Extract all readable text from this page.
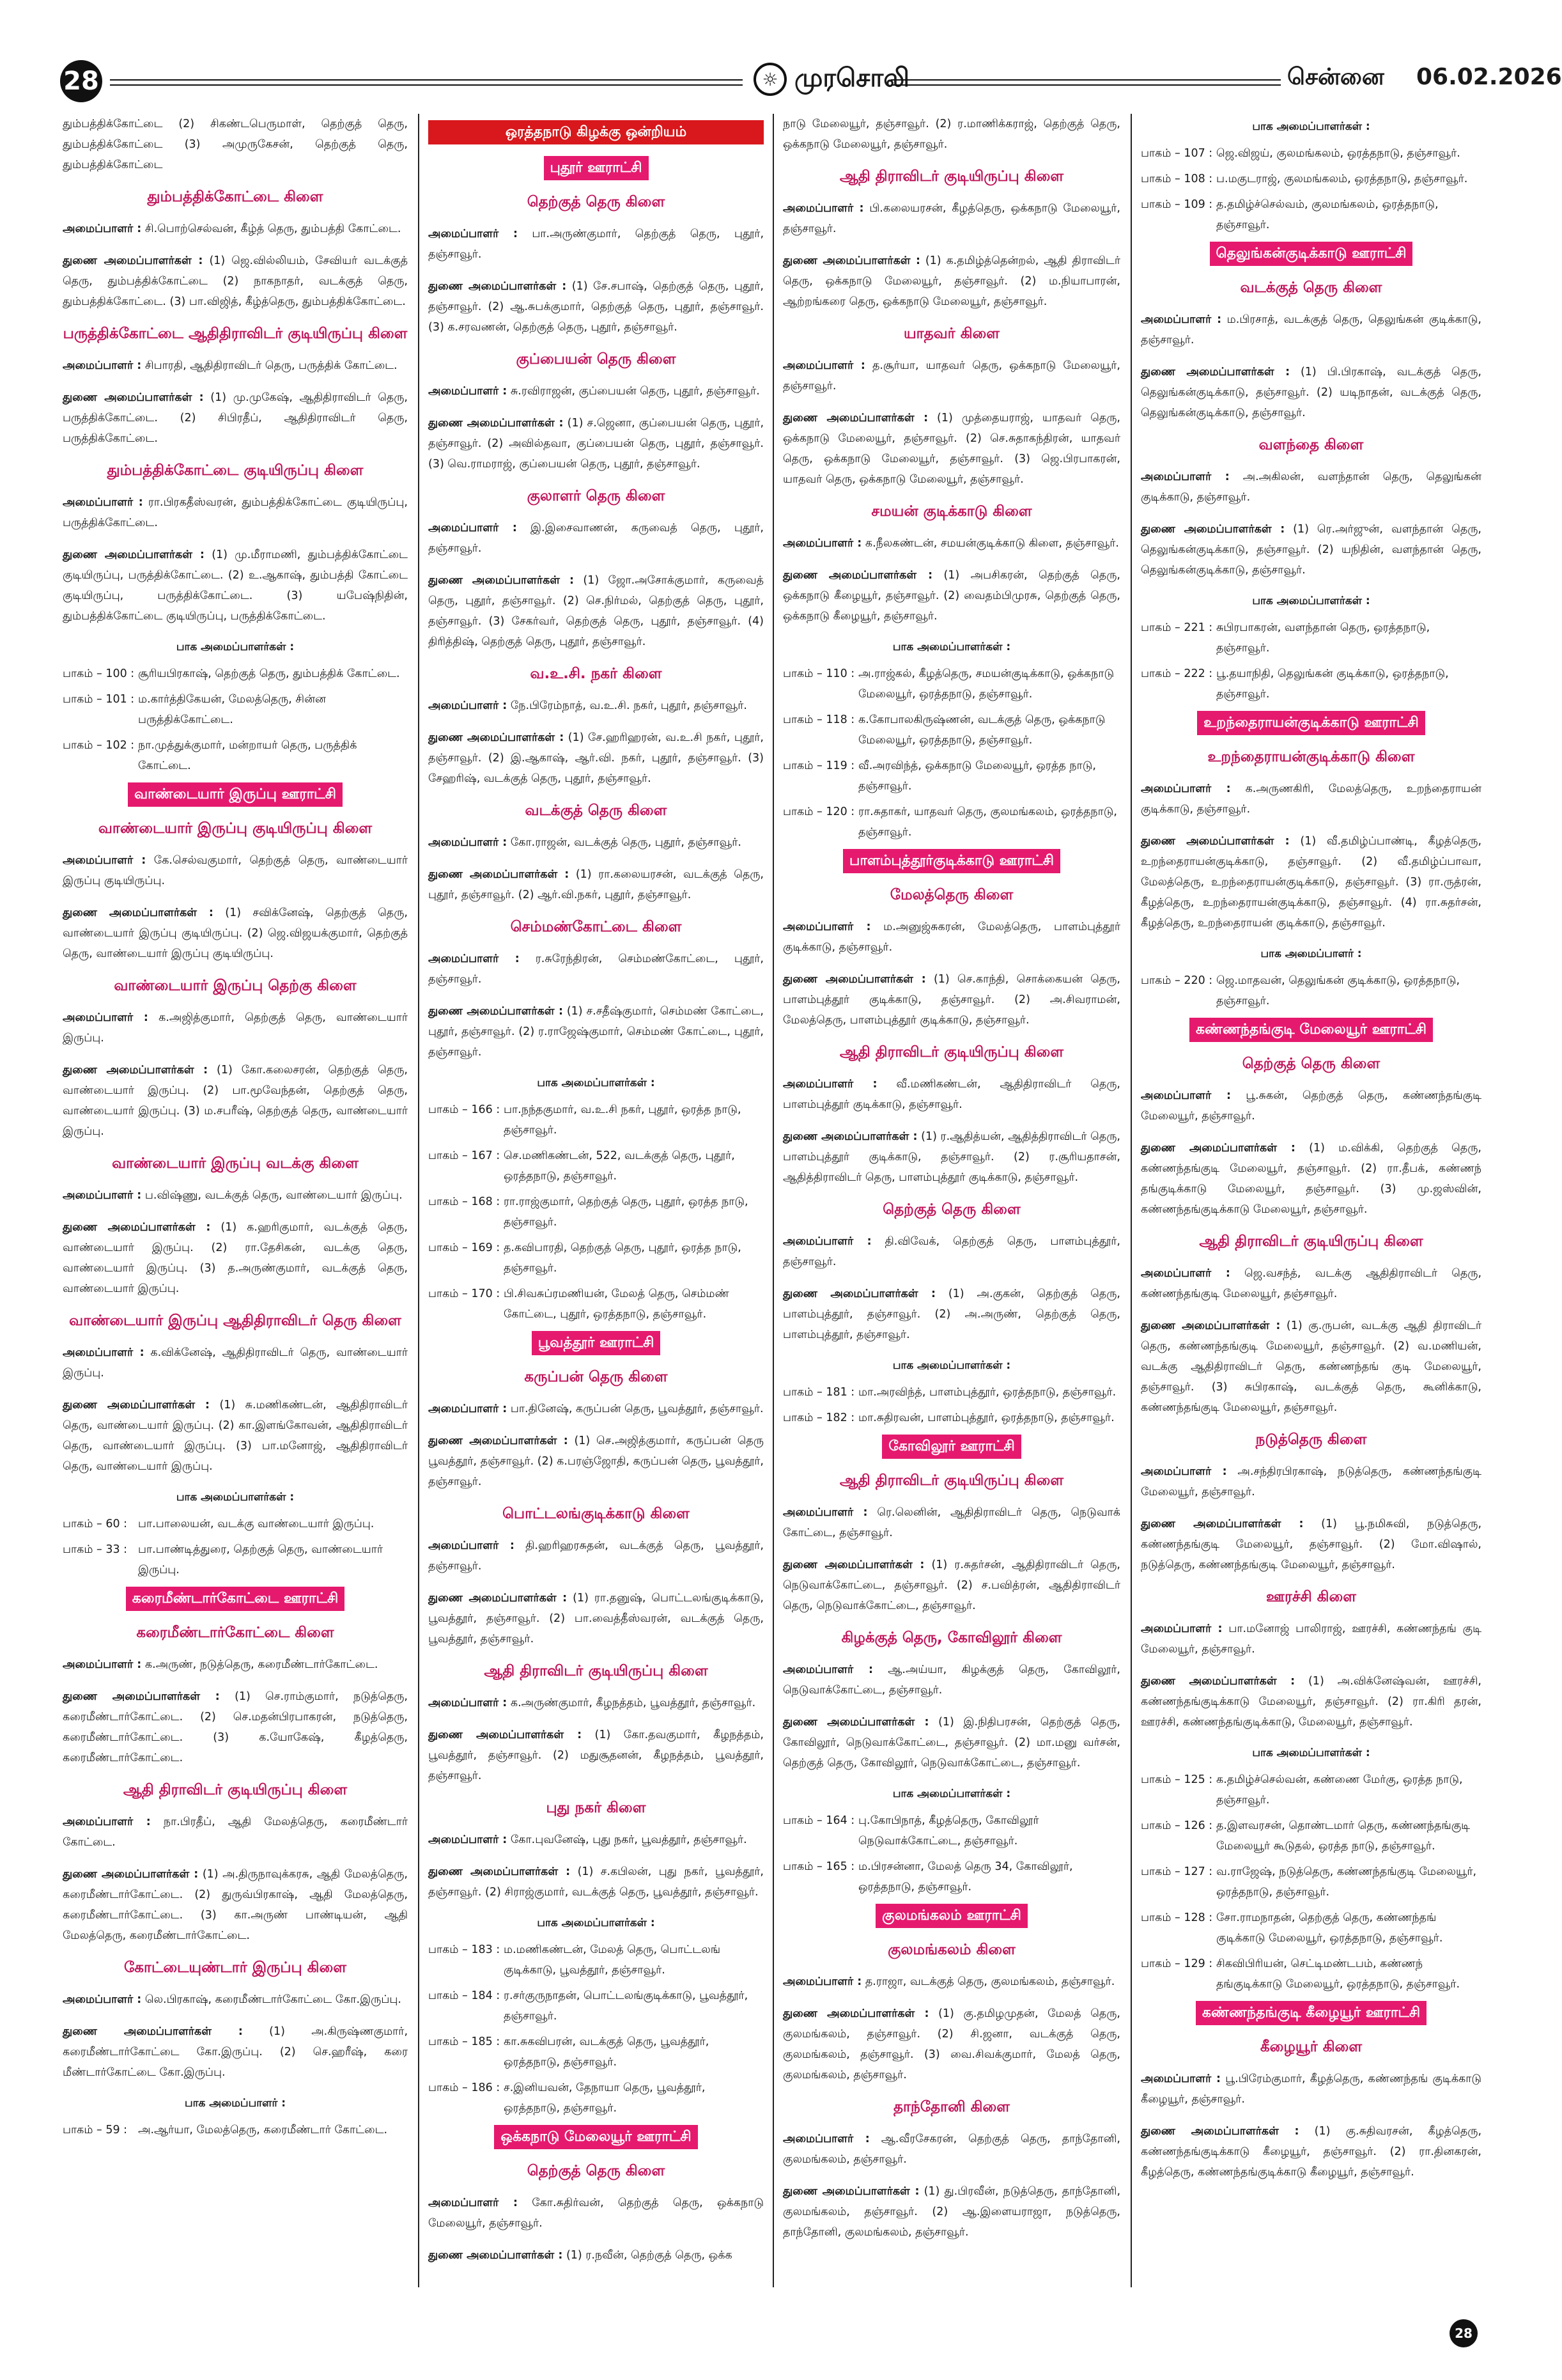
28	☼ முரசொலி	சென்னை 06.02.2026

தும்பத்திக்கோட்டை (2) சிகண்டபெருமாள், தெற்குத் தெரு, தும்பத்திக்கோட்டை (3) அமுருகேசன், தெற்குத் தெரு, தும்பத்திக்கோட்டை

தும்பத்திக்கோட்டை கிளை

அமைப்பாளர் : சி.பொற்செல்வன், கீழ்த் தெரு, தும்பத்தி கோட்டை.

துணை அமைப்பாளர்கள் : (1) ஜெ.வில்லியம், சேவியர் வடக்குத் தெரு, தும்பத்திக்கோட்டை (2) நாகநாதர், வடக்குத் தெரு, தும்பத்திக்கோட்டை. (3) பா.விஜித், கீழ்த்தெரு, தும்பத்திக்கோட்டை.

பருத்திக்கோட்டை ஆதிதிராவிடர் குடியிருப்பு கிளை

அமைப்பாளர் : சிபாரதி, ஆதிதிராவிடர் தெரு, பருத்திக் கோட்டை.

துணை அமைப்பாளர்கள் : (1) மு.முகேஷ், ஆதிதிராவிடர் தெரு, பருத்திக்கோட்டை. (2) சிபிரதீப், ஆதிதிராவிடர் தெரு, பருத்திக்கோட்டை.

தும்பத்திக்கோட்டை குடியிருப்பு கிளை

அமைப்பாளர் : ரா.பிரகதீஸ்வரன், தும்பத்திக்கோட்டை குடியிருப்பு, பருத்திக்கோட்டை.

துணை அமைப்பாளர்கள் : (1) மு.மீராமணி, தும்பத்திக்கோட்டை குடியிருப்பு, பருத்திக்கோட்டை. (2) உ.ஆகாஷ், தும்பத்தி கோட்டை குடியிருப்பு, பருத்திக்கோட்டை. (3) யபேஷ்நிதின், தும்பத்திக்கோட்டை குடியிருப்பு, பருத்திக்கோட்டை.

பாக அமைப்பாளர்கள் :
பாகம் – 100 : சூரியபிரகாஷ், தெற்குத் தெரு, தும்பத்திக் கோட்டை.
பாகம் – 101 : ம.கார்த்திகேயன், மேலத்தெரு, சின்ன பருத்திக்கோட்டை.
பாகம் – 102 : நா.முத்துக்குமார், மன்றாயர் தெரு, பருத்திக் கோட்டை.
வாண்டையார் இருப்பு ஊராட்சி
வாண்டையார் இருப்பு குடியிருப்பு கிளை

அமைப்பாளர் : கே.செல்வகுமார், தெற்குத் தெரு, வாண்டையார் இருப்பு குடியிருப்பு.

துணை அமைப்பாளர்கள் : (1) சவிக்னேஷ், தெற்குத் தெரு, வாண்டையார் இருப்பு குடியிருப்பு. (2) ஜெ.விஜயக்குமார், தெற்குத் தெரு, வாண்டையார் இருப்பு குடியிருப்பு.

வாண்டையார் இருப்பு தெற்கு கிளை

அமைப்பாளர் : க.அஜித்குமார், தெற்குத் தெரு, வாண்டையார் இருப்பு.

துணை அமைப்பாளர்கள் : (1) கோ.கலைசரன், தெற்குத் தெரு, வாண்டையார் இருப்பு. (2) பா.மூவேந்தன், தெற்குத் தெரு, வாண்டையார் இருப்பு. (3) ம.சபரீஷ், தெற்குத் தெரு, வாண்டையார் இருப்பு.

வாண்டையார் இருப்பு வடக்கு கிளை

அமைப்பாளர் : ப.விஷ்ணு, வடக்குத் தெரு, வாண்டையார் இருப்பு.

துணை அமைப்பாளர்கள் : (1) க.ஹரிகுமார், வடக்குத் தெரு, வாண்டையார் இருப்பு. (2) ரா.தேசிகன், வடக்கு தெரு, வாண்டையார் இருப்பு. (3) த.அருண்குமார், வடக்குத் தெரு, வாண்டையார் இருப்பு.

வாண்டையார் இருப்பு ஆதிதிராவிடர் தெரு கிளை

அமைப்பாளர் : க.விக்னேஷ், ஆதிதிராவிடர் தெரு, வாண்டையார் இருப்பு.

துணை அமைப்பாளர்கள் : (1) சு.மணிகண்டன், ஆதிதிராவிடர் தெரு, வாண்டையார் இருப்பு. (2) கா.இளங்கோவன், ஆதிதிராவிடர் தெரு, வாண்டையார் இருப்பு. (3) பா.மனோஜ், ஆதிதிராவிடர் தெரு, வாண்டையார் இருப்பு.

பாக அமைப்பாளர்கள் :
பாகம் – 60 : பா.பாலையன், வடக்கு வாண்டையார் இருப்பு.
பாகம் – 33 : பா.பாண்டித்துரை, தெற்குத் தெரு, வாண்டையார் இருப்பு.
கரைமீண்டார்கோட்டை ஊராட்சி
கரைமீண்டார்கோட்டை கிளை

அமைப்பாளர் : க.அருண், நடுத்தெரு, கரைமீண்டார்கோட்டை.

துணை அமைப்பாளர்கள் : (1) செ.ராம்குமார், நடுத்தெரு, கரைமீண்டார்கோட்டை. (2) செ.மதன்பிரபாகரன், நடுத்தெரு, கரைமீண்டார்கோட்டை. (3) க.யோகேஷ், கீழத்தெரு, கரைமீண்டார்கோட்டை.

ஆதி திராவிடர் குடியிருப்பு கிளை

அமைப்பாளர் : நா.பிரதீப், ஆதி மேலத்தெரு, கரைமீண்டார் கோட்டை.

துணை அமைப்பாளர்கள் : (1) அ.திருநாவுக்கரசு, ஆதி மேலத்தெரு, கரைமீண்டார்கோட்டை. (2) துருவ்பிரகாஷ், ஆதி மேலத்தெரு, கரைமீண்டார்கோட்டை. (3) கா.அருண் பாண்டியன், ஆதி மேலத்தெரு, கரைமீண்டார்கோட்டை.

கோட்டையுண்டார் இருப்பு கிளை

அமைப்பாளர் : லெ.பிரகாஷ், கரைமீண்டார்கோட்டை கோ.இருப்பு.

துணை அமைப்பாளர்கள் : (1) அ.கிருஷ்ணகுமார், கரைமீண்டார்கோட்டை கோ.இருப்பு. (2) செ.ஹரீஷ், கரை மீண்டார்கோட்டை கோ.இருப்பு.

பாக அமைப்பாளர் :
பாகம் – 59 : அ.ஆர்யா, மேலத்தெரு, கரைமீண்டார் கோட்டை.
ஒரத்தநாடு கிழக்கு ஒன்றியம்
புதூர் ஊராட்சி
தெற்குத் தெரு கிளை

அமைப்பாளர் : பா.அருண்குமார், தெற்குத் தெரு, புதூர், தஞ்சாவூர்.

துணை அமைப்பாளர்கள் : (1) சே.சபாஷ், தெற்குத் தெரு, புதூர், தஞ்சாவூர். (2) ஆ.சுபக்குமார், தெற்குத் தெரு, புதூர், தஞ்சாவூர். (3) க.சரவணன், தெற்குத் தெரு, புதூர், தஞ்சாவூர்.

குப்பையன் தெரு கிளை

அமைப்பாளர் : சு.ரவிராஜன், குப்பையன் தெரு, புதூர், தஞ்சாவூர்.

துணை அமைப்பாளர்கள் : (1) ச.ஜெனா, குப்பையன் தெரு, புதூர், தஞ்சாவூர். (2) அவில்தவா, குப்பையன் தெரு, புதூர், தஞ்சாவூர். (3) வெ.ராமராஜ், குப்பையன் தெரு, புதூர், தஞ்சாவூர்.

குலாளர் தெரு கிளை

அமைப்பாளர் : இ.இசைவாணன், கருவைத் தெரு, புதூர், தஞ்சாவூர்.

துணை அமைப்பாளர்கள் : (1) ஜோ.அசோக்குமார், கருவைத் தெரு, புதூர், தஞ்சாவூர். (2) செ.நிர்மல், தெற்குத் தெரு, புதூர், தஞ்சாவூர். (3) சேகர்வர், தெற்குத் தெரு, புதூர், தஞ்சாவூர். (4) திரித்திஷ், தெற்குத் தெரு, புதூர், தஞ்சாவூர்.

வ.உ.சி. நகர் கிளை

அமைப்பாளர் : நே.பிரேம்நாத், வ.உ.சி. நகர், புதூர், தஞ்சாவூர்.

துணை அமைப்பாளர்கள் : (1) சே.ஹரிஹரன், வ.உ.சி நகர், புதூர், தஞ்சாவூர். (2) இ.ஆகாஷ், ஆர்.வி. நகர், புதூர், தஞ்சாவூர். (3) சேஹரிஷ், வடக்குத் தெரு, புதூர், தஞ்சாவூர்.

வடக்குத் தெரு கிளை

அமைப்பாளர் : கோ.ராஜன், வடக்குத் தெரு, புதூர், தஞ்சாவூர்.

துணை அமைப்பாளர்கள் : (1) ரா.கலையரசன், வடக்குத் தெரு, புதூர், தஞ்சாவூர். (2) ஆர்.வி.நகர், புதூர், தஞ்சாவூர்.

செம்மண்கோட்டை கிளை

அமைப்பாளர் : ர.சுரேந்திரன், செம்மண்கோட்டை, புதூர், தஞ்சாவூர்.

துணை அமைப்பாளர்கள் : (1) ச.சதீஷ்குமார், செம்மண் கோட்டை, புதூர், தஞ்சாவூர். (2) ர.ராஜேஷ்குமார், செம்மண் கோட்டை, புதூர், தஞ்சாவூர்.

பாக அமைப்பாளர்கள் :
பாகம் – 166 : பா.நந்தகுமார், வ.உ.சி நகர், புதூர், ஒரத்த நாடு, தஞ்சாவூர்.
பாகம் – 167 : செ.மணிகண்டன், 522, வடக்குத் தெரு, புதூர், ஒரத்தநாடு, தஞ்சாவூர்.
பாகம் – 168 : ரா.ராஜ்குமார், தெற்குத் தெரு, புதூர், ஒரத்த நாடு, தஞ்சாவூர்.
பாகம் – 169 : த.கவிபாரதி, தெற்குத் தெரு, புதூர், ஒரத்த நாடு, தஞ்சாவூர்.
பாகம் – 170 : பி.சிவசுப்ரமணியன், மேலத் தெரு, செம்மண் கோட்டை, புதூர், ஒரத்தநாடு, தஞ்சாவூர்.
பூவத்தூர் ஊராட்சி
கருப்பன் தெரு கிளை

அமைப்பாளர் : பா.தினேஷ், கருப்பன் தெரு, பூவத்தூர், தஞ்சாவூர்.

துணை அமைப்பாளர்கள் : (1) செ.அஜித்குமார், கருப்பன் தெரு பூவத்தூர், தஞ்சாவூர். (2) க.பரஞ்ஜோதி, கருப்பன் தெரு, பூவத்தூர், தஞ்சாவூர்.

பொட்டலங்குடிக்காடு கிளை

அமைப்பாளர் : தி.ஹரிஹரசுதன், வடக்குத் தெரு, பூவத்தூர், தஞ்சாவூர்.

துணை அமைப்பாளர்கள் : (1) ரா.தனுஷ், பொட்டலங்குடிக்காடு, பூவத்தூர், தஞ்சாவூர். (2) பா.வைத்தீஸ்வரன், வடக்குத் தெரு, பூவத்தூர், தஞ்சாவூர்.

ஆதி திராவிடர் குடியிருப்பு கிளை

அமைப்பாளர் : க.அருண்குமார், கீழநத்தம், பூவத்தூர், தஞ்சாவூர்.

துணை அமைப்பாளர்கள் : (1) கோ.தவகுமார், கீழநத்தம், பூவத்தூர், தஞ்சாவூர். (2) மதுசூதனன், கீழநத்தம், பூவத்தூர், தஞ்சாவூர்.

புது நகர் கிளை

அமைப்பாளர் : கோ.புவனேஷ், புது நகர், பூவத்தூர், தஞ்சாவூர்.

துணை அமைப்பாளர்கள் : (1) ச.கபிலன், புது நகர், பூவத்தூர், தஞ்சாவூர். (2) சிராஜ்குமார், வடக்குத் தெரு, பூவத்தூர், தஞ்சாவூர்.

பாக அமைப்பாளர்கள் :
பாகம் – 183 : ம.மணிகண்டன், மேலத் தெரு, பொட்டலங் குடிக்காடு, பூவத்தூர், தஞ்சாவூர்.
பாகம் – 184 : ர.சர்குருநாதன், பொட்டலங்குடிக்காடு, பூவத்தூர், தஞ்சாவூர்.
பாகம் – 185 : கா.சுகவிபரன், வடக்குத் தெரு, பூவத்தூர், ஒரத்தநாடு, தஞ்சாவூர்.
பாகம் – 186 : ச.இனியவன், தேநாயா தெரு, பூவத்தூர், ஒரத்தநாடு, தஞ்சாவூர்.
ஒக்கநாடு மேலையூர் ஊராட்சி
தெற்குத் தெரு கிளை

அமைப்பாளர் : கோ.சுதிர்வன், தெற்குத் தெரு, ஒக்கநாடு மேலையூர், தஞ்சாவூர்.

துணை அமைப்பாளர்கள் : (1) ர.நவீன், தெற்குத் தெரு, ஒக்க

நாடு மேலையூர், தஞ்சாவூர். (2) ர.மாணிக்கராஜ், தெற்குத் தெரு, ஒக்கநாடு மேலையூர், தஞ்சாவூர்.

ஆதி திராவிடர் குடியிருப்பு கிளை

அமைப்பாளர் : பி.கலையரசன், கீழத்தெரு, ஒக்கநாடு மேலையூர், தஞ்சாவூர்.

துணை அமைப்பாளர்கள் : (1) க.தமிழ்த்தென்றல், ஆதி திராவிடர் தெரு, ஒக்கநாடு மேலையூர், தஞ்சாவூர். (2) ம.நியாபாரன், ஆற்றங்கரை தெரு, ஒக்கநாடு மேலையூர், தஞ்சாவூர்.

யாதவர் கிளை

அமைப்பாளர் : த.சூர்யா, யாதவர் தெரு, ஒக்கநாடு மேலையூர், தஞ்சாவூர்.

துணை அமைப்பாளர்கள் : (1) முத்தையராஜ், யாதவர் தெரு, ஒக்கநாடு மேலையூர், தஞ்சாவூர். (2) செ.சுதாகந்திரன், யாதவர் தெரு, ஒக்கநாடு மேலையூர், தஞ்சாவூர். (3) ஜெ.பிரபாகரன், யாதவர் தெரு, ஒக்கநாடு மேலையூர், தஞ்சாவூர்.

சமயன் குடிக்காடு கிளை

அமைப்பாளர் : க.நீலகண்டன், சமயன்குடிக்காடு கிளை, தஞ்சாவூர்.

துணை அமைப்பாளர்கள் : (1) அபசிகரன், தெற்குத் தெரு, ஒக்கநாடு கீழையூர், தஞ்சாவூர். (2) வைதம்பிமுரசு, தெற்குத் தெரு, ஒக்கநாடு கீழையூர், தஞ்சாவூர்.

பாக அமைப்பாளர்கள் :
பாகம் – 110 : அ.ராஜ்கல், கீழத்தெரு, சமயன்குடிக்காடு, ஒக்கநாடு மேலையூர், ஒரத்தநாடு, தஞ்சாவூர்.
பாகம் – 118 : க.கோபாலகிருஷ்ணன், வடக்குத் தெரு, ஒக்கநாடு மேலையூர், ஒரத்தநாடு, தஞ்சாவூர்.
பாகம் – 119 : வீ.அரவிந்த், ஒக்கநாடு மேலையூர், ஒரத்த நாடு, தஞ்சாவூர்.
பாகம் – 120 : ரா.சுதாகர், யாதவர் தெரு, குலமங்கலம், ஒரத்தநாடு, தஞ்சாவூர்.
பாளம்புத்தூர்குடிக்காடு ஊராட்சி
மேலத்தெரு கிளை

அமைப்பாளர் : ம.அனுஜ்சுகரன், மேலத்தெரு, பாளம்புத்தூர் குடிக்காடு, தஞ்சாவூர்.

துணை அமைப்பாளர்கள் : (1) செ.காந்தி, சொக்கையன் தெரு, பாளம்புத்தூர் குடிக்காடு, தஞ்சாவூர். (2) அ.சிவராமன், மேலத்தெரு, பாளம்புத்தூர் குடிக்காடு, தஞ்சாவூர்.

ஆதி திராவிடர் குடியிருப்பு கிளை

அமைப்பாளர் : வீ.மணிகண்டன், ஆதிதிராவிடர் தெரு, பாளம்புத்தூர் குடிக்காடு, தஞ்சாவூர்.

துணை அமைப்பாளர்கள் : (1) ர.ஆதித்யன், ஆதித்திராவிடர் தெரு, பாளம்புத்தூர் குடிக்காடு, தஞ்சாவூர். (2) ர.சூரியதாசன், ஆதித்திராவிடர் தெரு, பாளம்புத்தூர் குடிக்காடு, தஞ்சாவூர்.

தெற்குத் தெரு கிளை

அமைப்பாளர் : தி.விவேக், தெற்குத் தெரு, பாளம்புத்தூர், தஞ்சாவூர்.

துணை அமைப்பாளர்கள் : (1) அ.குகன், தெற்குத் தெரு, பாளம்புத்தூர், தஞ்சாவூர். (2) அ.அருண், தெற்குத் தெரு, பாளம்புத்தூர், தஞ்சாவூர்.

பாக அமைப்பாளர்கள் :
பாகம் – 181 : மா.அரவிந்த், பாளம்புத்தூர், ஒரத்தநாடு, தஞ்சாவூர்.
பாகம் – 182 : மா.சுதிரவன், பாளம்புத்தூர், ஒரத்தநாடு, தஞ்சாவூர்.
கோவிலூர் ஊராட்சி
ஆதி திராவிடர் குடியிருப்பு கிளை

அமைப்பாளர் : ரெ.லெனின், ஆதிதிராவிடர் தெரு, நெடுவாக் கோட்டை, தஞ்சாவூர்.

துணை அமைப்பாளர்கள் : (1) ர.சுதர்சன், ஆதிதிராவிடர் தெரு, நெடுவாக்கோட்டை, தஞ்சாவூர். (2) ச.பவித்ரன், ஆதிதிராவிடர் தெரு, நெடுவாக்கோட்டை, தஞ்சாவூர்.

கிழக்குத் தெரு, கோவிலூர் கிளை

அமைப்பாளர் : ஆ.அய்யா, கிழக்குத் தெரு, கோவிலூர், நெடுவாக்கோட்டை, தஞ்சாவூர்.

துணை அமைப்பாளர்கள் : (1) இ.நிதிபரசன், தெற்குத் தெரு, கோவிலூர், நெடுவாக்கோட்டை, தஞ்சாவூர். (2) மா.மனு வர்சன், தெற்குத் தெரு, கோவிலூர், நெடுவாக்கோட்டை, தஞ்சாவூர்.

பாக அமைப்பாளர்கள் :
பாகம் – 164 : பு.கோபிநாத், கீழத்தெரு, கோவிலூர் நெடுவாக்கோட்டை, தஞ்சாவூர்.
பாகம் – 165 : ம.பிரசன்னா, மேலத் தெரு 34, கோவிலூர், ஒரத்தநாடு, தஞ்சாவூர்.
குலமங்கலம் ஊராட்சி
குலமங்கலம் கிளை

அமைப்பாளர் : த.ராஜா, வடக்குத் தெரு, குலமங்கலம், தஞ்சாவூர்.

துணை அமைப்பாளர்கள் : (1) கு.தமிழமுதன், மேலத் தெரு, குலமங்கலம், தஞ்சாவூர். (2) சி.ஜனா, வடக்குத் தெரு, குலமங்கலம், தஞ்சாவூர். (3) வை.சிவக்குமார், மேலத் தெரு, குலமங்கலம், தஞ்சாவூர்.

தாந்தோனி கிளை

அமைப்பாளர் : ஆ.வீரசேகரன், தெற்குத் தெரு, தாந்தோனி, குலமங்கலம், தஞ்சாவூர்.

துணை அமைப்பாளர்கள் : (1) து.பிரவீன், நடுத்தெரு, தாந்தோனி, குலமங்கலம், தஞ்சாவூர். (2) ஆ.இளையராஜா, நடுத்தெரு, தாந்தோனி, குலமங்கலம், தஞ்சாவூர்.

பாக அமைப்பாளர்கள் :
பாகம் – 107 : ஜெ.விஜய், குலமங்கலம், ஒரத்தநாடு, தஞ்சாவூர்.
பாகம் – 108 : ப.மகுடராஜ், குலமங்கலம், ஒரத்தநாடு, தஞ்சாவூர்.
பாகம் – 109 : த.தமிழ்ச்செல்வம், குலமங்கலம், ஒரத்தநாடு, தஞ்சாவூர்.
தெலுங்கன்குடிக்காடு ஊராட்சி
வடக்குத் தெரு கிளை

அமைப்பாளர் : ம.பிரசாத், வடக்குத் தெரு, தெலுங்கன் குடிக்காடு, தஞ்சாவூர்.

துணை அமைப்பாளர்கள் : (1) பி.பிரகாஷ், வடக்குத் தெரு, தெலுங்கன்குடிக்காடு, தஞ்சாவூர். (2) யடிநாதன், வடக்குத் தெரு, தெலுங்கன்குடிக்காடு, தஞ்சாவூர்.

வளந்தை கிளை

அமைப்பாளர் : அ.அகிலன், வளந்தான் தெரு, தெலுங்கன் குடிக்காடு, தஞ்சாவூர்.

துணை அமைப்பாளர்கள் : (1) ரெ.அர்ஜுன், வளந்தான் தெரு, தெலுங்கன்குடிக்காடு, தஞ்சாவூர். (2) யநிதின், வளந்தான் தெரு, தெலுங்கன்குடிக்காடு, தஞ்சாவூர்.

பாக அமைப்பாளர்கள் :
பாகம் – 221 : சுபிரபாகரன், வளந்தான் தெரு, ஒரத்தநாடு, தஞ்சாவூர்.
பாகம் – 222 : பூ.தயாநிதி, தெலுங்கன் குடிக்காடு, ஒரத்தநாடு, தஞ்சாவூர்.
உறந்தைராயன்குடிக்காடு ஊராட்சி
உறந்தைராயன்குடிக்காடு கிளை

அமைப்பாளர் : க.அருணகிரி, மேலத்தெரு, உறந்தைராயன் குடிக்காடு, தஞ்சாவூர்.

துணை அமைப்பாளர்கள் : (1) வீ.தமிழ்ப்பாண்டி, கீழத்தெரு, உறந்தைராயன்குடிக்காடு, தஞ்சாவூர். (2) வீ.தமிழ்ப்பாவா, மேலத்தெரு, உறந்தைராயன்குடிக்காடு, தஞ்சாவூர். (3) ரா.ருத்ரன், கீழத்தெரு, உறந்தைராயன்குடிக்காடு, தஞ்சாவூர். (4) ரா.சுதர்சன், கீழத்தெரு, உறந்தைராயன் குடிக்காடு, தஞ்சாவூர்.

பாக அமைப்பாளர் :
பாகம் – 220 : ஜெ.மாதவன், தெலுங்கன் குடிக்காடு, ஒரத்தநாடு, தஞ்சாவூர்.
கண்ணந்தங்குடி மேலையூர் ஊராட்சி
தெற்குத் தெரு கிளை

அமைப்பாளர் : பூ.சுகன், தெற்குத் தெரு, கண்ணந்தங்குடி மேலையூர், தஞ்சாவூர்.

துணை அமைப்பாளர்கள் : (1) ம.விக்கி, தெற்குத் தெரு, கண்ணந்தங்குடி மேலையூர், தஞ்சாவூர். (2) ரா.தீபக், கண்ணந் தங்குடிக்காடு மேலையூர், தஞ்சாவூர். (3) மு.ஜஸ்வின், கண்ணந்தங்குடிக்காடு மேலையூர், தஞ்சாவூர்.

ஆதி திராவிடர் குடியிருப்பு கிளை

அமைப்பாளர் : ஜெ.வசந்த், வடக்கு ஆதிதிராவிடர் தெரு, கண்ணந்தங்குடி மேலையூர், தஞ்சாவூர்.

துணை அமைப்பாளர்கள் : (1) கு.ருபன், வடக்கு ஆதி திராவிடர் தெரு, கண்ணந்தங்குடி மேலையூர், தஞ்சாவூர். (2) வ.மணியன், வடக்கு ஆதிதிராவிடர் தெரு, கண்ணந்தங் குடி மேலையூர், தஞ்சாவூர். (3) சுபிரகாஷ், வடக்குத் தெரு, கூனிக்காடு, கண்ணந்தங்குடி மேலையூர், தஞ்சாவூர்.

நடுத்தெரு கிளை

அமைப்பாளர் : அ.சந்திரபிரகாஷ், நடுத்தெரு, கண்ணந்தங்குடி மேலையூர், தஞ்சாவூர்.

துணை அமைப்பாளர்கள் : (1) பூ.நமிசுவி, நடுத்தெரு, கண்ணந்தங்குடி மேலையூர், தஞ்சாவூர். (2) மோ.விஷால், நடுத்தெரு, கண்ணந்தங்குடி மேலையூர், தஞ்சாவூர்.

ஊரச்சி கிளை

அமைப்பாளர் : பா.மனோஜ் பாலிராஜ், ஊரச்சி, கண்ணந்தங் குடி மேலையூர், தஞ்சாவூர்.

துணை அமைப்பாளர்கள் : (1) அ.விக்னேஷ்வன், ஊரச்சி, கண்ணந்தங்குடிக்காடு மேலையூர், தஞ்சாவூர். (2) ரா.கிரி தரன், ஊரச்சி, கண்ணந்தங்குடிக்காடு, மேலையூர், தஞ்சாவூர்.

பாக அமைப்பாளர்கள் :
பாகம் – 125 : க.தமிழ்ச்செல்வன், கண்ணை மேர்கு, ஒரத்த நாடு, தஞ்சாவூர்.
பாகம் – 126 : த.இளவரசன், தொண்டமார் தெரு, கண்ணந்தங்குடி மேலையூர் கூடுதல், ஒரத்த நாடு, தஞ்சாவூர்.
பாகம் – 127 : வ.ராஜேஷ், நடுத்தெரு, கண்ணந்தங்குடி மேலையூர், ஒரத்தநாடு, தஞ்சாவூர்.
பாகம் – 128 : சோ.ராமநாதன், தெற்குத் தெரு, கண்ணந்தங் குடிக்காடு மேலையூர், ஒரத்தநாடு, தஞ்சாவூர்.
பாகம் – 129 : சிகவிபிரியன், செட்டிமண்டபம், கண்ணந் தங்குடிக்காடு மேலையூர், ஒரத்தநாடு, தஞ்சாவூர்.
கண்ணந்தங்குடி கீழையூர் ஊராட்சி
கீழையூர் கிளை

அமைப்பாளர் : பூ.பிரேம்குமார், கீழத்தெரு, கண்ணந்தங் குடிக்காடு கீழையூர், தஞ்சாவூர்.

துணை அமைப்பாளர்கள் : (1) கு.சுதிவரசன், கீழத்தெரு, கண்ணந்தங்குடிக்காடு கீழையூர், தஞ்சாவூர். (2) ரா.தினகரன், கீழத்தெரு, கண்ணந்தங்குடிக்காடு கீழையூர், தஞ்சாவூர்.

28
